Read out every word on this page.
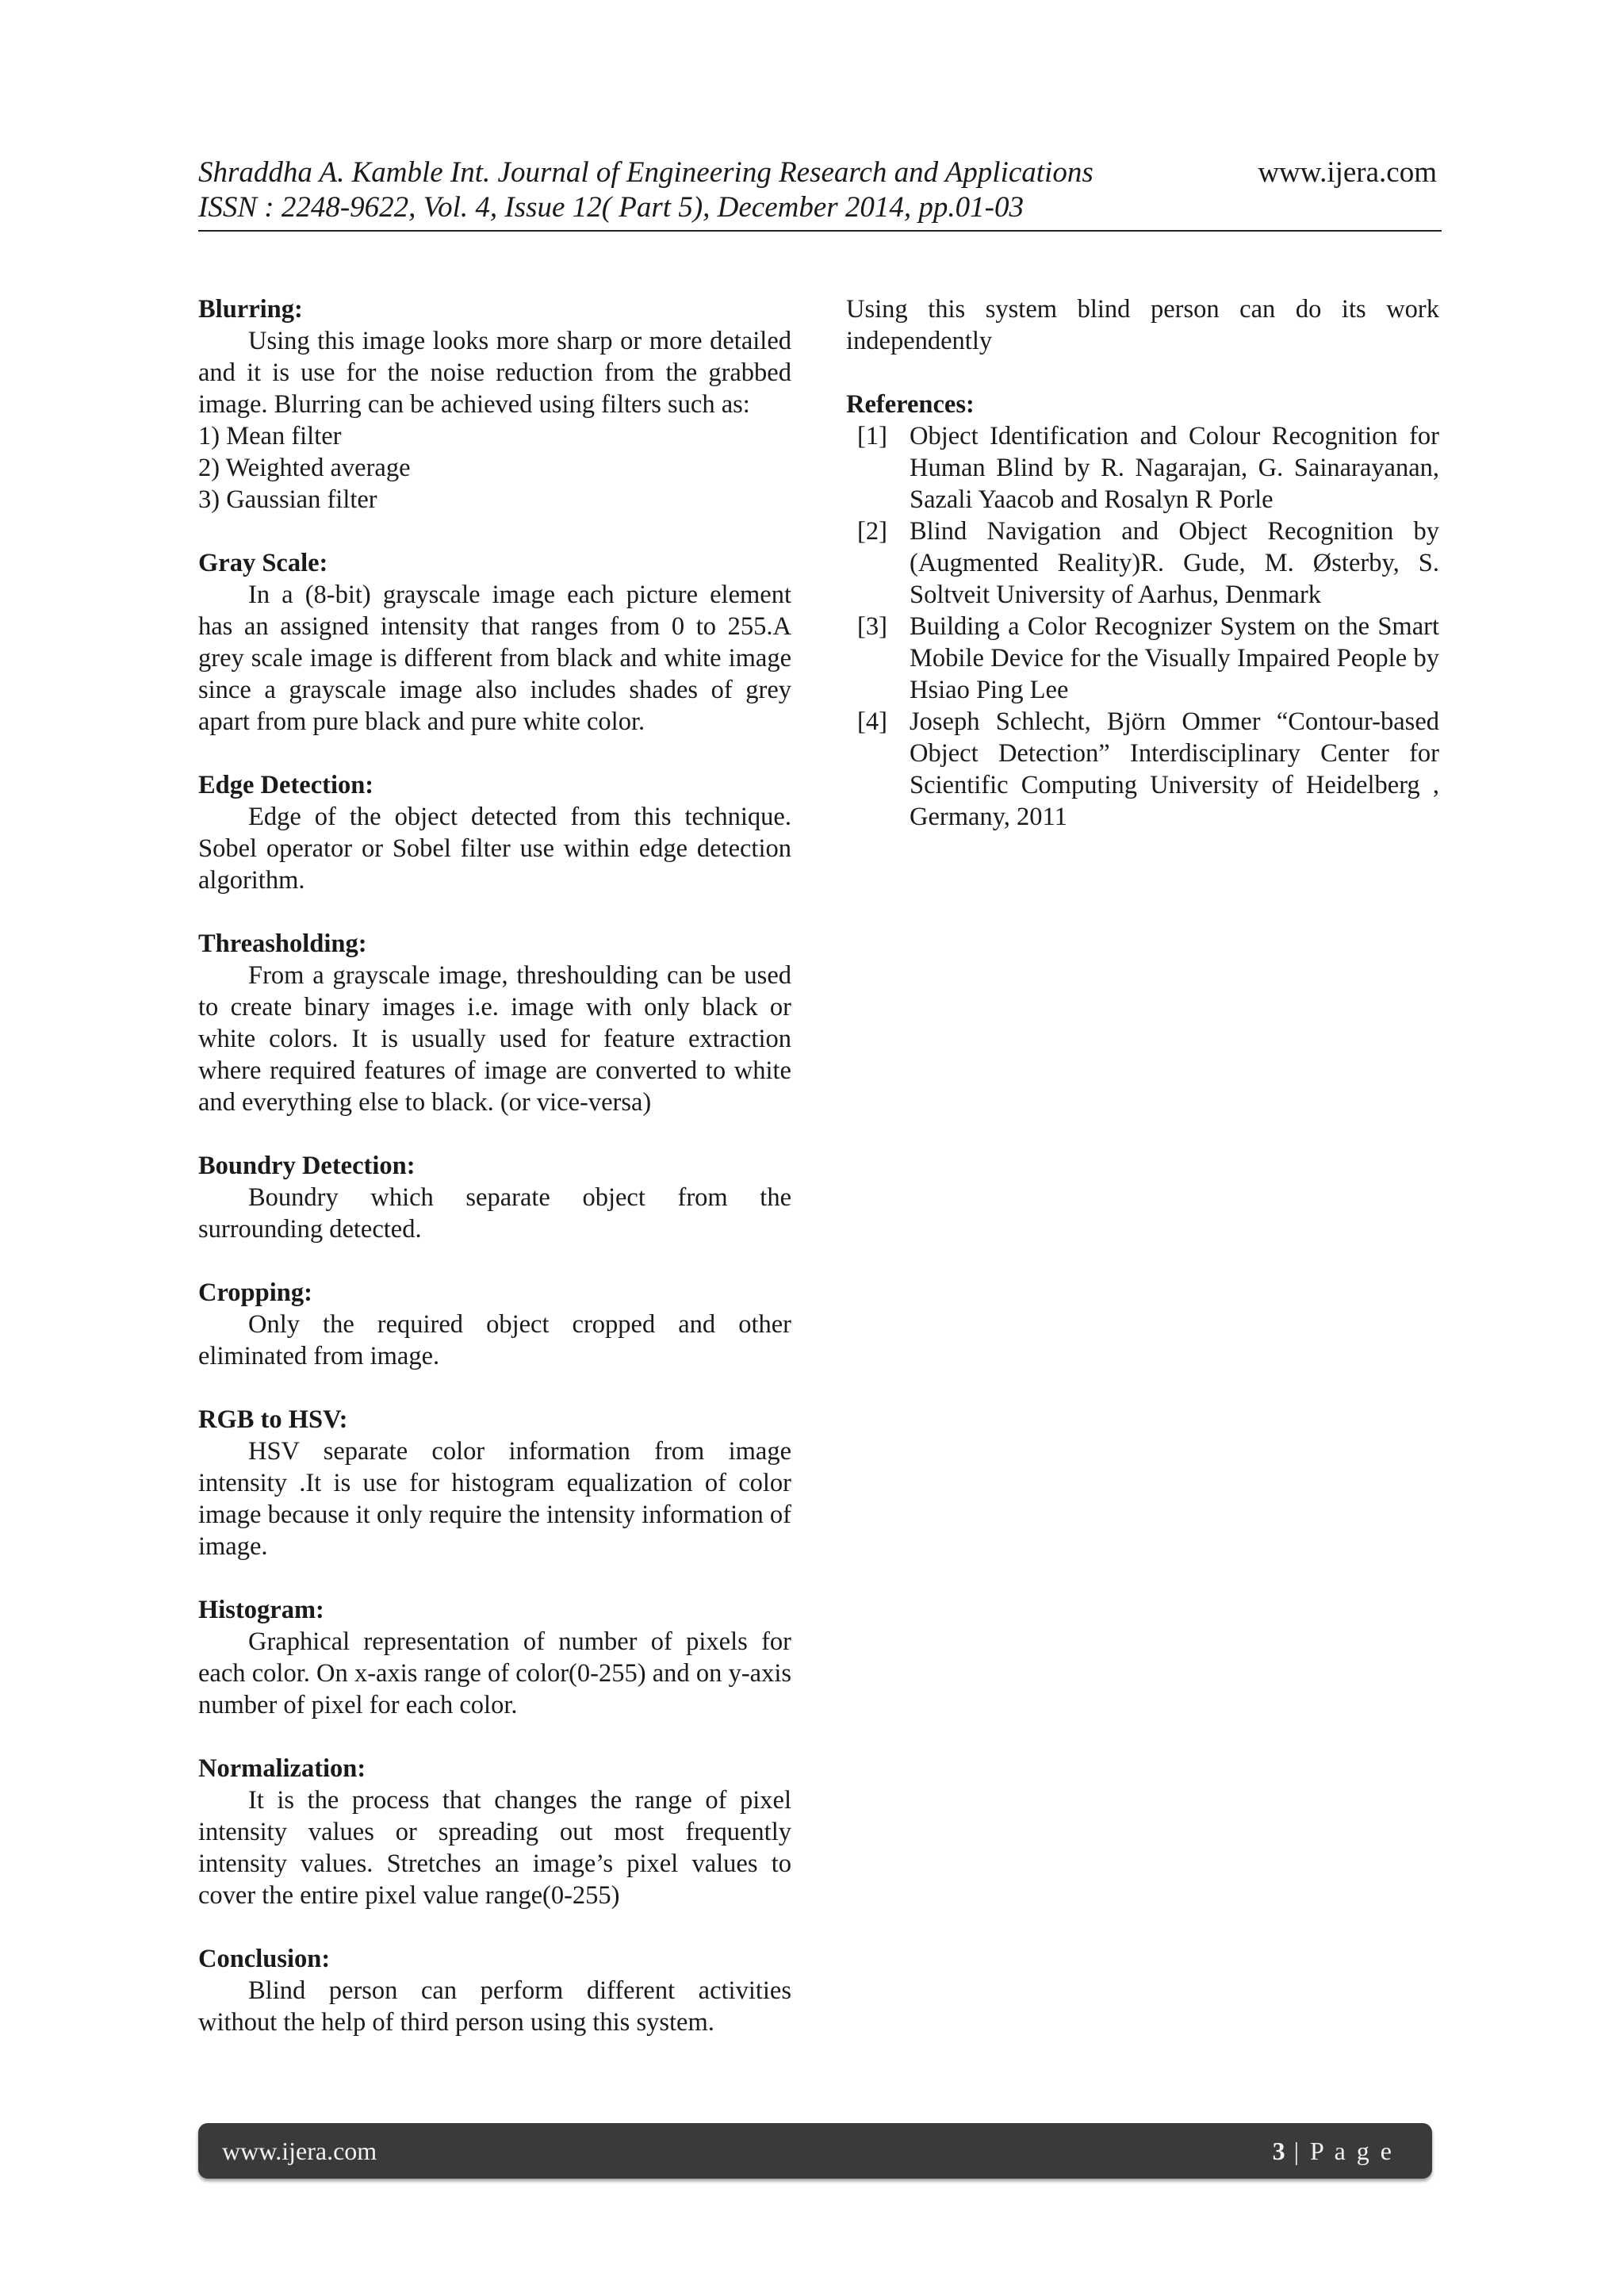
Shraddha A. Kamble Int. Journal of Engineering Research and Applications
ISSN : 2248-9622, Vol. 4, Issue 12( Part 5), December 2014, pp.01-03
www.ijera.com
Blurring:

Using this image looks more sharp or more detailed and it is use for the noise reduction from the grabbed image. Blurring can be achieved using filters such as:

1) Mean filter
2) Weighted average
3) Gaussian filter
Gray Scale:

In a (8-bit) grayscale image each picture element has an assigned intensity that ranges from 0 to 255.A grey scale image is different from black and white image since a grayscale image also includes shades of grey apart from pure black and pure white color.

Edge Detection:

Edge of the object detected from this technique. Sobel operator or Sobel filter use within edge detection algorithm.

Threasholding:

From a grayscale image, threshoulding can be used to create binary images i.e. image with only black or white colors. It is usually used for feature extraction where required features of image are converted to white and everything else to black. (or vice-versa)

Boundry Detection:

Boundry which separate object from the surrounding detected.

Cropping:

Only the required object cropped and other eliminated from image.

RGB to HSV:

HSV separate color information from image intensity .It is use for histogram equalization of color image because it only require the intensity information of image.

Histogram:

Graphical representation of number of pixels for each color. On x-axis range of color(0-255) and on y-axis number of pixel for each color.

Normalization:

It is the process that changes the range of pixel intensity values or spreading out most frequently intensity values. Stretches an image’s pixel values to cover the entire pixel value range(0-255)

Conclusion:

Blind person can perform different activities without the help of third person using this system.

Using this system blind person can do its work independently

References:
[1] Object Identification and Colour Recognition for Human Blind by R. Nagarajan, G. Sainarayanan, Sazali Yaacob and Rosalyn R Porle
[2] Blind Navigation and Object Recognition by (Augmented Reality)R. Gude, M. Østerby, S. Soltveit University of Aarhus, Denmark
[3] Building a Color Recognizer System on the Smart Mobile Device for the Visually Impaired People by Hsiao Ping Lee
[4] Joseph Schlecht, Björn Ommer “Contour-based Object Detection” Interdisciplinary Center for Scientific Computing University of Heidelberg , Germany, 2011
www.ijera.com	3 | P a g e
